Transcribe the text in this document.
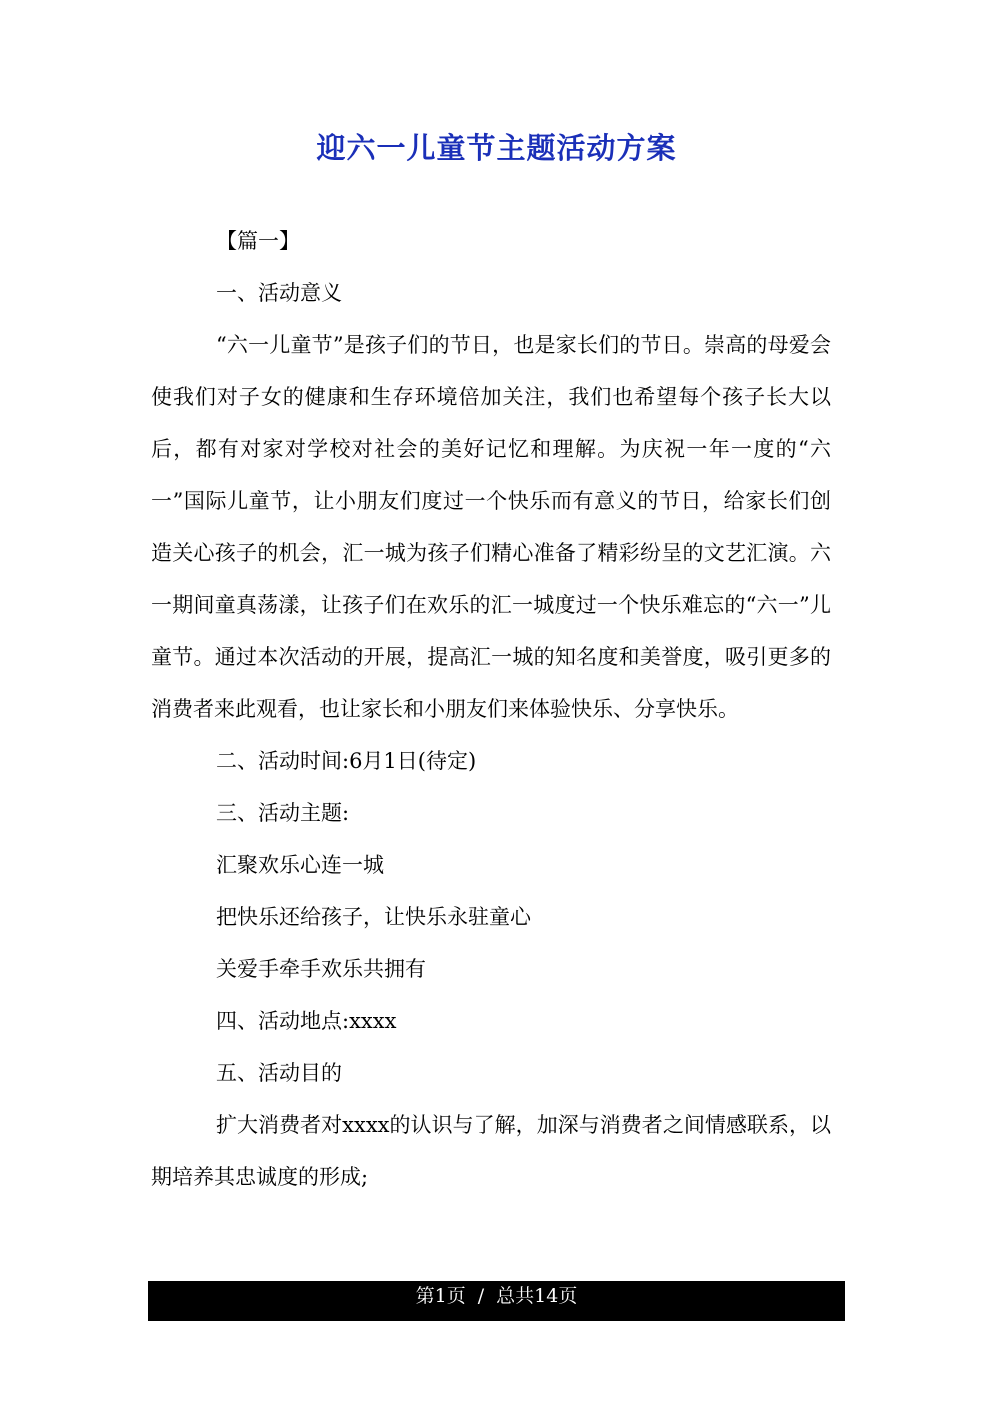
迎六一儿童节主题活动方案

【篇一】

一、活动意义

“六一儿童节”是孩子们的节日，也是家长们的节日。崇高的母爱会使我们对子女的健康和生存环境倍加关注，我们也希望每个孩子长大以后，都有对家对学校对社会的美好记忆和理解。为庆祝一年一度的“六一”国际儿童节，让小朋友们度过一个快乐而有意义的节日，给家长们创造关心孩子的机会，汇一城为孩子们精心准备了精彩纷呈的文艺汇演。六一期间童真荡漾，让孩子们在欢乐的汇一城度过一个快乐难忘的“六一”儿童节。通过本次活动的开展，提高汇一城的知名度和美誉度，吸引更多的消费者来此观看，也让家长和小朋友们来体验快乐、分享快乐。

二、活动时间:6月1日(待定)

三、活动主题:

汇聚欢乐心连一城

把快乐还给孩子，让快乐永驻童心

关爱手牵手欢乐共拥有

四、活动地点:xxxx

五、活动目的

扩大消费者对xxxx的认识与了解，加深与消费者之间情感联系，以期培养其忠诚度的形成;

第1页 / 总共14页
